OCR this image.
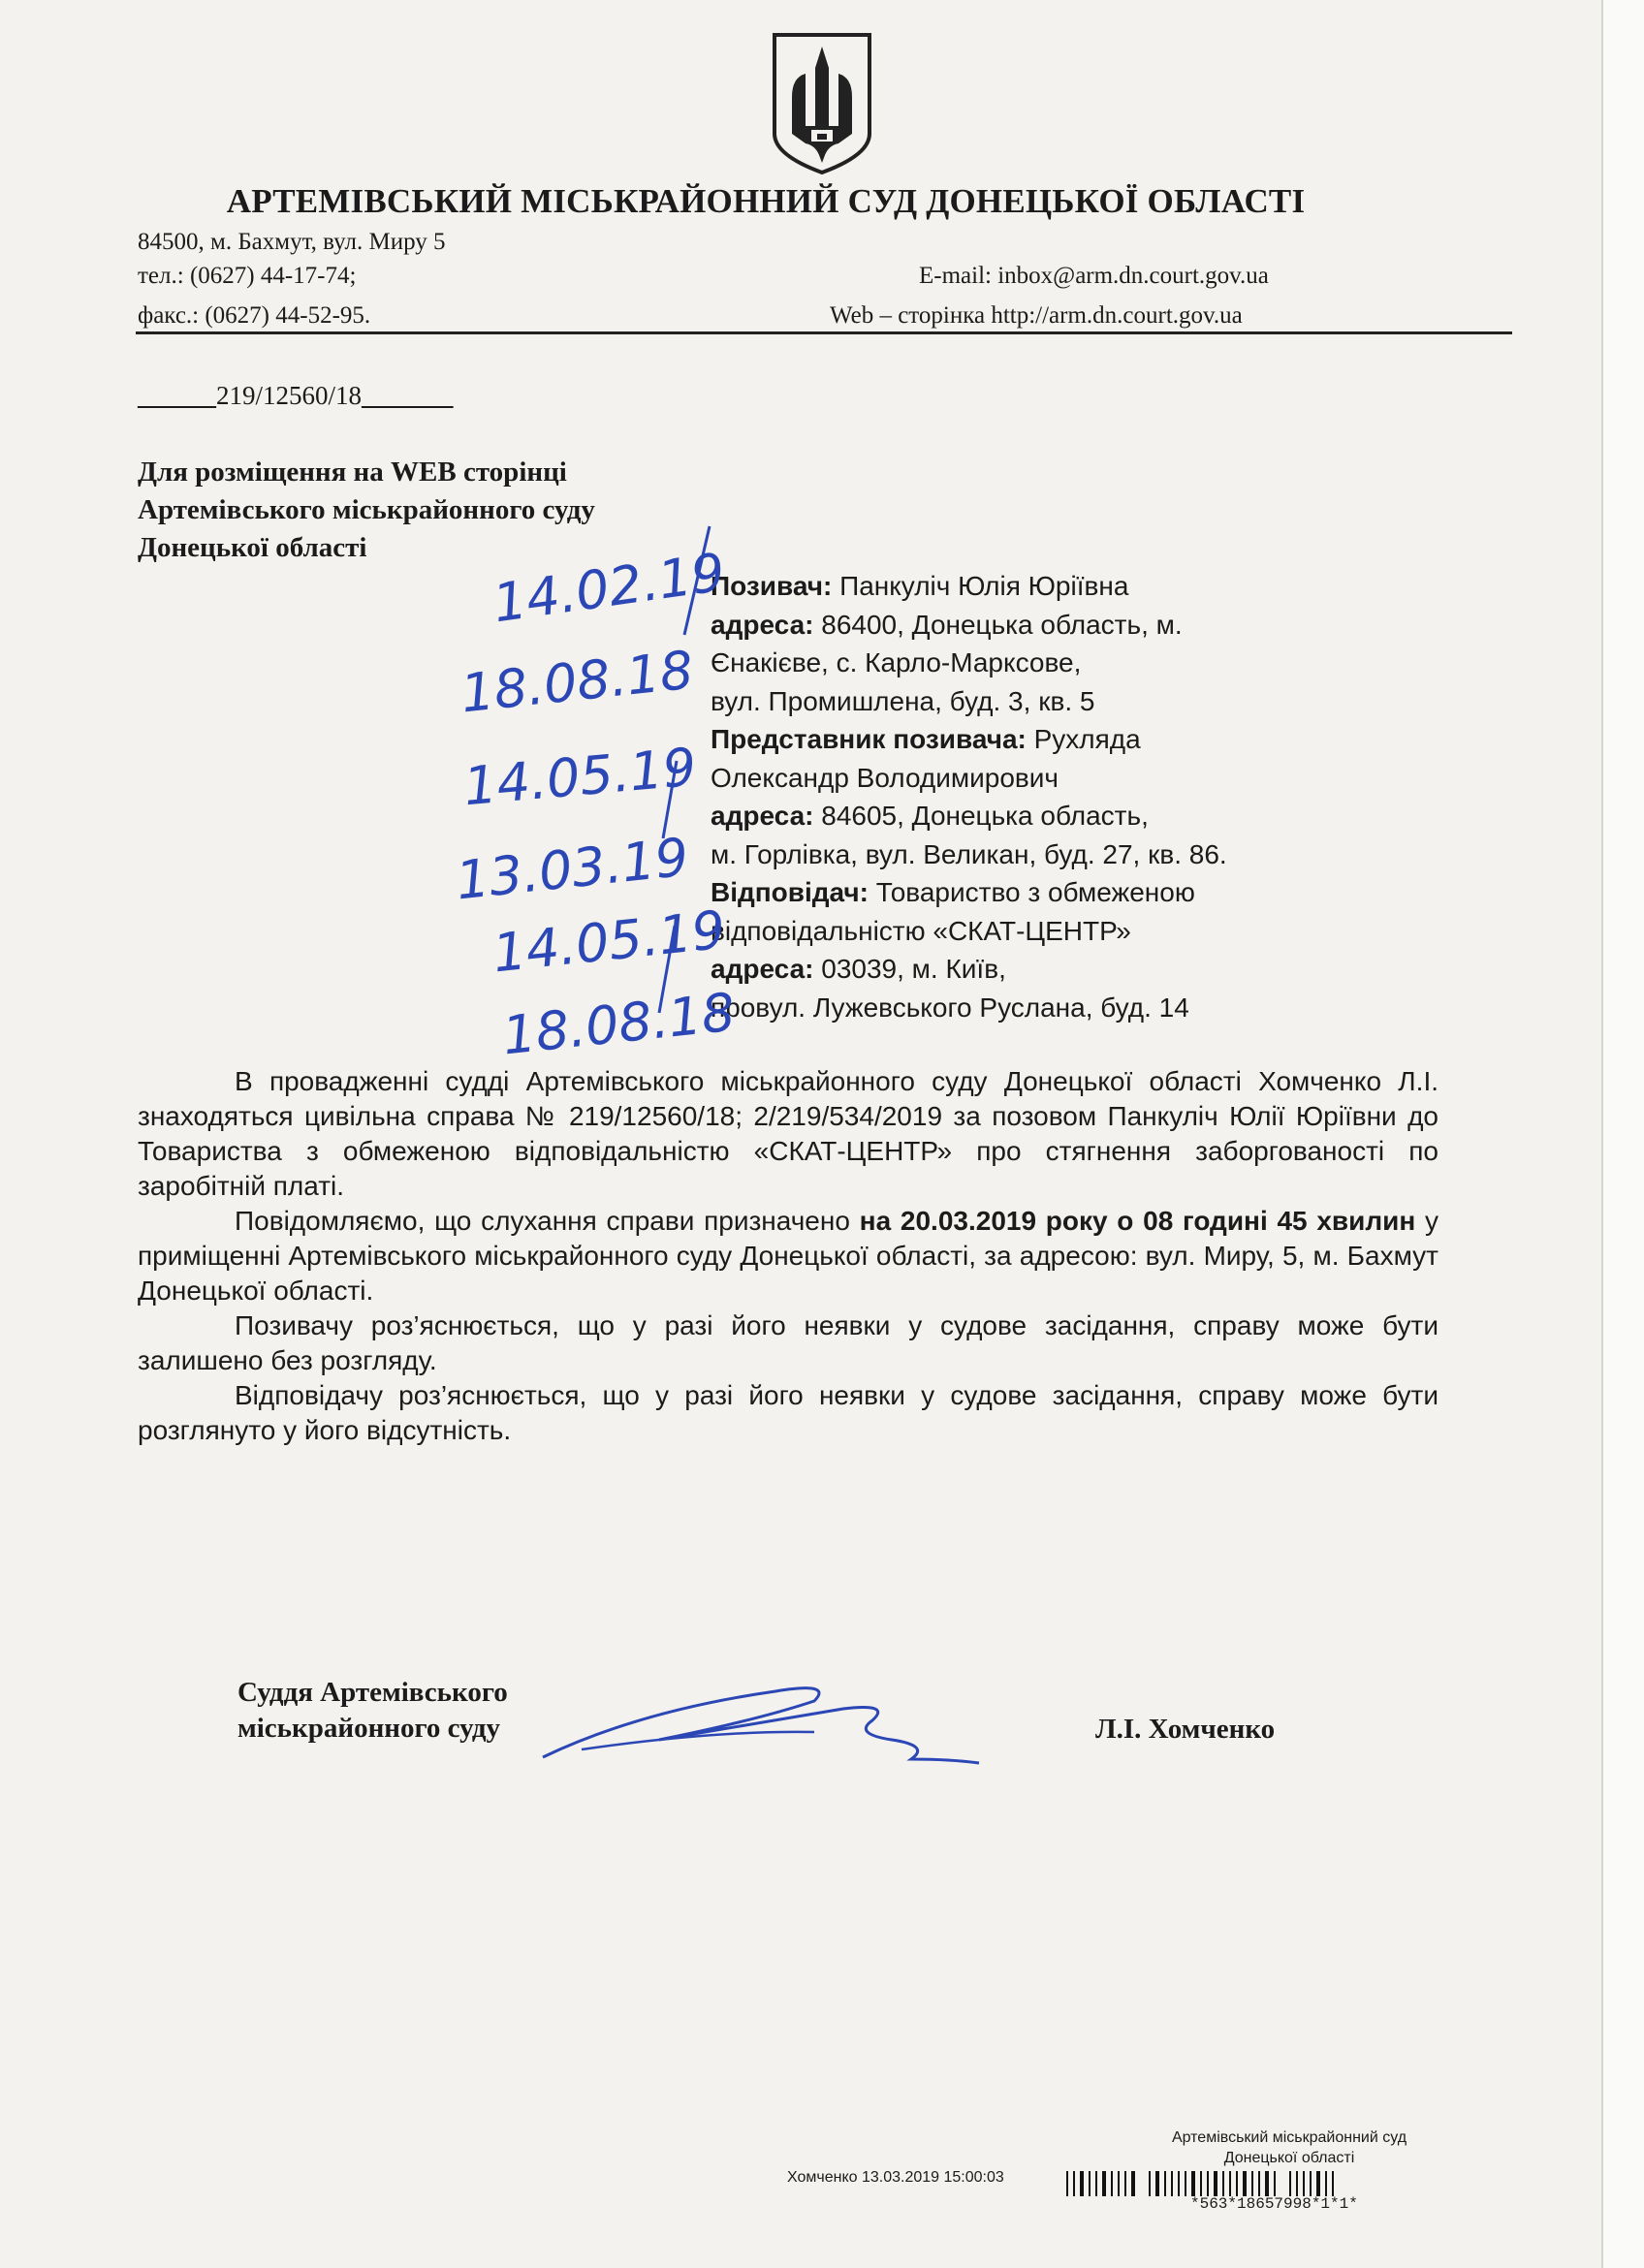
АРТЕМІВСЬКИЙ МІСЬКРАЙОННИЙ СУД ДОНЕЦЬКОЇ ОБЛАСТІ
84500, м. Бахмут, вул. Миру 5
тел.: (0627) 44-17-74;
факс.: (0627) 44-52-95.
E-mail: inbox@arm.dn.court.gov.ua
Web – сторінка http://arm.dn.court.gov.ua
______219/12560/18_______
Для розміщення на WEB сторінці
Артемівського міськрайонного суду
Донецької області
Позивач: Панкуліч Юлія Юріївна
адреса: 86400, Донецька область, м.
Єнакієве, с. Карло-Марксове,
вул. Промишлена, буд. 3, кв. 5
Представник позивача: Рухляда
Олександр Володимирович
адреса: 84605, Донецька область,
м. Горлівка, вул. Великан, буд. 27, кв. 86.
Відповідач: Товариство з обмеженою
відповідальністю «СКАТ-ЦЕНТР»
адреса: 03039, м. Київ,
провул. Лужевського Руслана, буд. 14
14.02.19
18.08.18
14.05.19
13.03.19
14.05.19
18.08.18

В провадженні судді Артемівського міськрайонного суду Донецької області Хомченко Л.І. знаходяться цивільна справа № 219/12560/18; 2/219/534/2019 за позовом Панкуліч Юлії Юріївни до Товариства з обмеженою відповідальністю «СКАТ-ЦЕНТР» про стягнення заборгованості по заробітній платі.

Повідомляємо, що слухання справи призначено на 20.03.2019 року о 08 годині 45 хвилин у приміщенні Артемівського міськрайонного суду Донецької області, за адресою: вул. Миру, 5, м. Бахмут Донецької області.

Позивачу роз’яснюється, що у разі його неявки у судове засідання, справу може бути залишено без розгляду.

Відповідачу роз’яснюється, що у разі його неявки у судове засідання, справу може бути розглянуто у його відсутність.

Суддя Артемівського
міськрайонного суду	Л.І. Хомченко
Артемівський міськрайонний суд
Донецької області
Хомченко 13.03.2019 15:00:03
*563*18657998*1*1*
